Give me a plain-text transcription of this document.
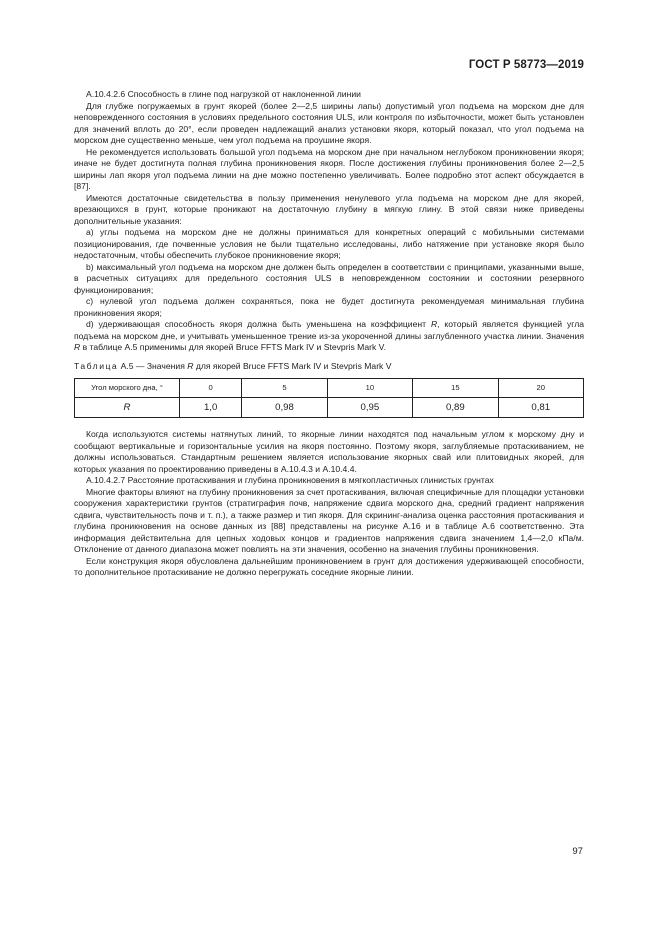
ГОСТ Р 58773—2019

А.10.4.2.6 Способность в глине под нагрузкой от наклоненной линии

Для глубже погружаемых в грунт якорей (более 2—2,5 ширины лапы) допустимый угол подъема на морском дне для неповрежденного состояния в условиях предельного состояния ULS, или контроля по избыточности, может быть установлен для значений вплоть до 20°, если проведен надлежащий анализ установки якоря, который показал, что угол подъема на морском дне существенно меньше, чем угол подъема на проушине якоря.

Не рекомендуется использовать большой угол подъема на морском дне при начальном неглубоком проникновении якоря; иначе не будет достигнута полная глубина проникновения якоря. После достижения глубины проникновения более 2—2,5 ширины лап якоря угол подъема линии на дне можно постепенно увеличивать. Более подробно этот аспект обсуждается в [87].

Имеются достаточные свидетельства в пользу применения ненулевого угла подъема на морском дне для якорей, врезающихся в грунт, которые проникают на достаточную глубину в мягкую глину. В этой связи ниже приведены дополнительные указания:

а) углы подъема на морском дне не должны приниматься для конкретных операций с мобильными системами позиционирования, где почвенные условия не были тщательно исследованы, либо натяжение при установке якоря было недостаточным, чтобы обеспечить глубокое проникновение якоря;

b) максимальный угол подъема на морском дне должен быть определен в соответствии с принципами, указанными выше, в расчетных ситуациях для предельного состояния ULS в неповрежденном состоянии и состоянии резервного функционирования;

с) нулевой угол подъема должен сохраняться, пока не будет достигнута рекомендуемая минимальная глубина проникновения якоря;

d) удерживающая способность якоря должна быть уменьшена на коэффициент R, который является функцией угла подъема на морском дне, и учитывать уменьшенное трение из-за укороченной длины заглубленного участка линии. Значения R в таблице А.5 применимы для якорей Bruce FFTS Mark IV и Stevpris Mark V.

Таблица А.5 — Значения R для якорей Bruce FFTS Mark IV и Stevpris Mark V
Угол морского дна, °	0	5	10	15	20
R	1,0	0,98	0,95	0,89	0,81

Когда используются системы натянутых линий, то якорные линии находятся под начальным углом к морскому дну и сообщают вертикальные и горизонтальные усилия на якоря постоянно. Поэтому якоря, заглубляемые протаскиванием, не должны использоваться. Стандартным решением является использование якорных свай или плитовидных якорей, для которых указания по проектированию приведены в А.10.4.3 и А.10.4.4.

А.10.4.2.7 Расстояние протаскивания и глубина проникновения в мягкопластичных глинистых грунтах

Многие факторы влияют на глубину проникновения за счет протаскивания, включая специфичные для площадки установки сооружения характеристики грунтов (стратиграфия почв, напряжение сдвига морского дна, средний градиент напряжения сдвига, чувствительность почв и т. п.), а также размер и тип якоря. Для скрининг-анализа оценка расстояния протаскивания и глубина проникновения на основе данных из [88] представлены на рисунке А.16 и в таблице А.6 соответственно. Эта информация действительна для цепных ходовых концов и градиентов напряжения сдвига значением 1,4—2,0 кПа/м. Отклонение от данного диапазона может повлиять на эти значения, особенно на значения глубины проникновения.

Если конструкция якоря обусловлена дальнейшим проникновением в грунт для достижения удерживающей способности, то дополнительное протаскивание не должно перегружать соседние якорные линии.

97
